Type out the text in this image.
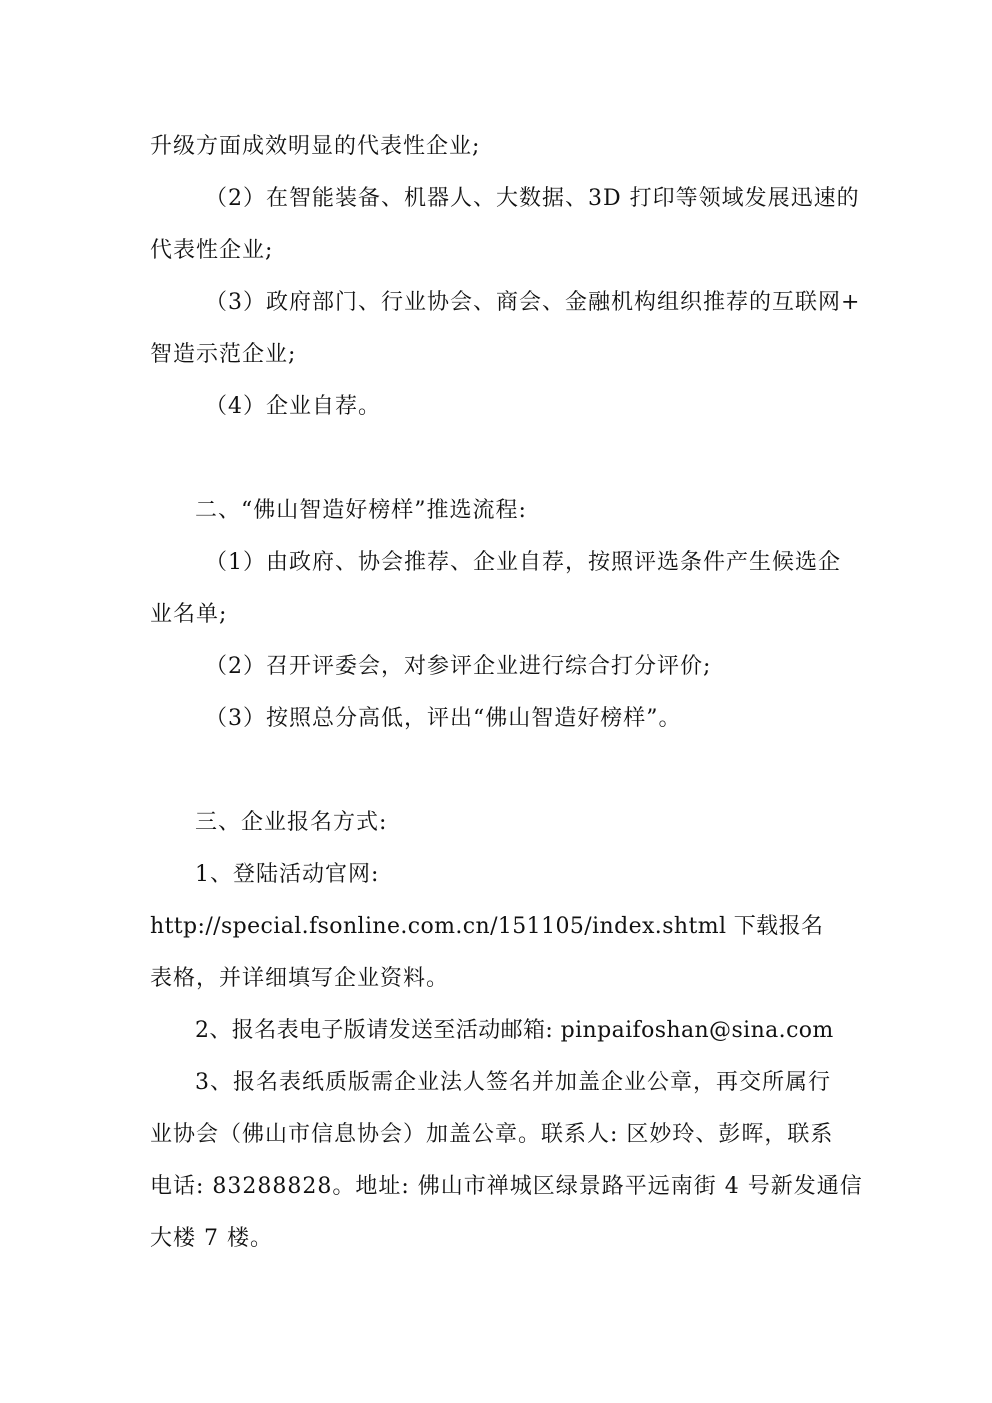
升级方面成效明显的代表性企业;
（2）在智能装备、机器人、大数据、3D 打印等领域发展迅速的
代表性企业;
（3）政府部门、行业协会、商会、金融机构组织推荐的互联网+
智造示范企业;
（4）企业自荐。
二、“佛山智造好榜样”推选流程:
（1）由政府、协会推荐、企业自荐，按照评选条件产生候选企
业名单;
（2）召开评委会，对参评企业进行综合打分评价;
（3）按照总分高低，评出“佛山智造好榜样”。
三、企业报名方式:
1、登陆活动官网:
http://special.fsonline.com.cn/151105/index.shtml 下载报名
表格，并详细填写企业资料。
2、报名表电子版请发送至活动邮箱: pinpaifoshan@sina.com
3、报名表纸质版需企业法人签名并加盖企业公章，再交所属行
业协会（佛山市信息协会）加盖公章。联系人: 区妙玲、彭晖，联系
电话: 83288828。地址: 佛山市禅城区绿景路平远南街 4 号新发通信
大楼 7 楼。
